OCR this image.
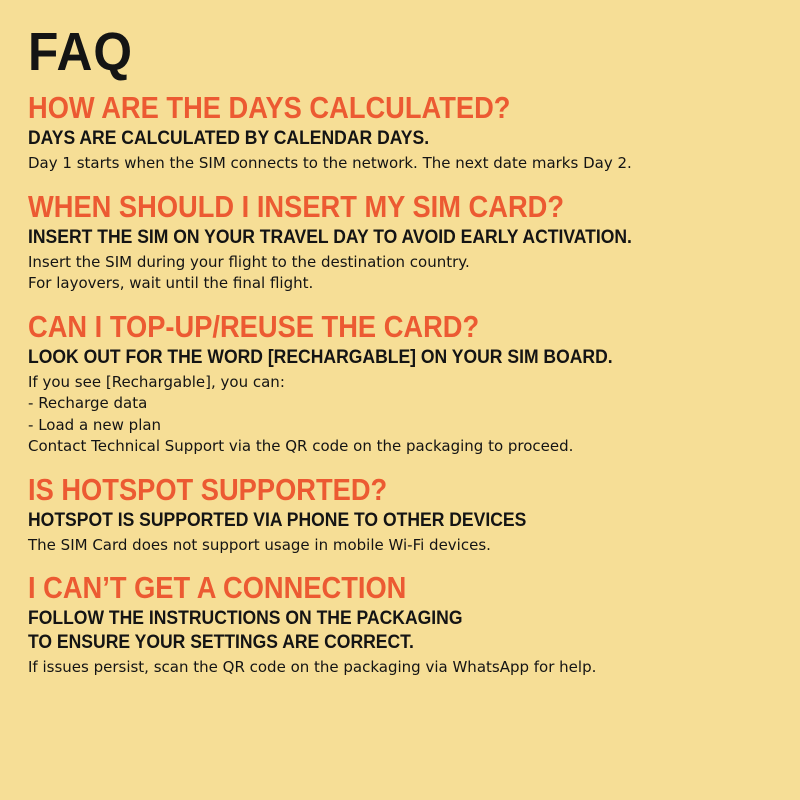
FAQ

HOW ARE THE DAYS CALCULATED?

DAYS ARE CALCULATED BY CALENDAR DAYS.

Day 1 starts when the SIM connects to the network. The next date marks Day 2.

WHEN SHOULD I INSERT MY SIM CARD?

INSERT THE SIM ON YOUR TRAVEL DAY TO AVOID EARLY ACTIVATION.

Insert the SIM during your flight to the destination country.

For layovers, wait until the final flight.

CAN I TOP-UP/REUSE THE CARD?

LOOK OUT FOR THE WORD [RECHARGABLE] ON YOUR SIM BOARD.

If you see [Rechargable], you can:

- Recharge data

- Load a new plan

Contact Technical Support via the QR code on the packaging to proceed.

IS HOTSPOT SUPPORTED?

HOTSPOT IS SUPPORTED VIA PHONE TO OTHER DEVICES

The SIM Card does not support usage in mobile Wi-Fi devices.

I CAN’T GET A CONNECTION

FOLLOW THE INSTRUCTIONS ON THE PACKAGING

TO ENSURE YOUR SETTINGS ARE CORRECT.

If issues persist, scan the QR code on the packaging via WhatsApp for help.
